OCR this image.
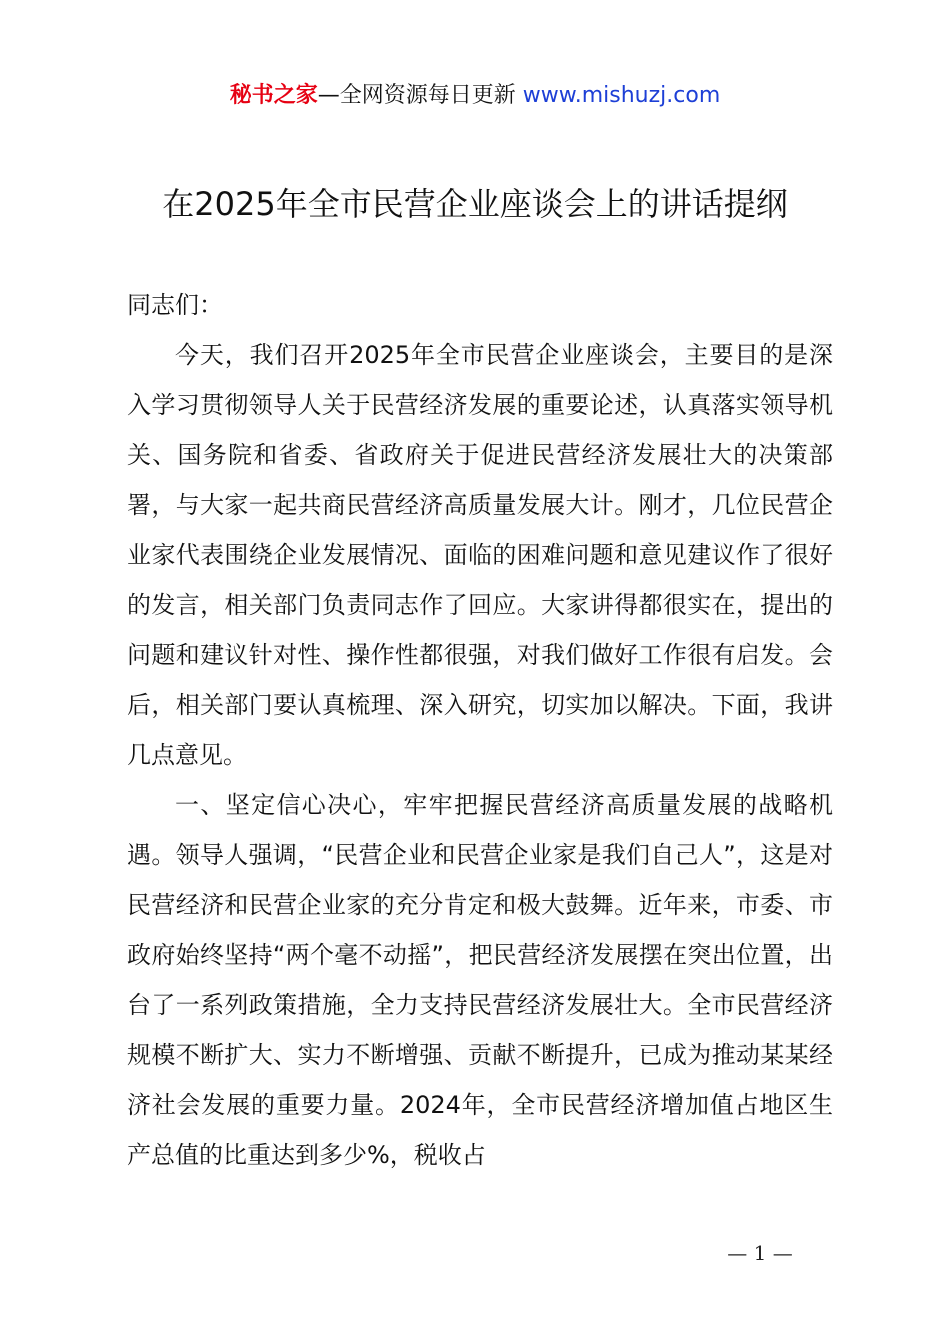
秘书之家—全网资源每日更新 www.mishuzj.com
在2025年全市民营企业座谈会上的讲话提纲

同志们：

今天，我们召开2025年全市民营企业座谈会，主要目的是深入学习贯彻领导人关于民营经济发展的重要论述，认真落实领导机关、国务院和省委、省政府关于促进民营经济发展壮大的决策部署，与大家一起共商民营经济高质量发展大计。刚才，几位民营企业家代表围绕企业发展情况、面临的困难问题和意见建议作了很好的发言，相关部门负责同志作了回应。大家讲得都很实在，提出的问题和建议针对性、操作性都很强，对我们做好工作很有启发。会后，相关部门要认真梳理、深入研究，切实加以解决。下面，我讲几点意见。

一、坚定信心决心，牢牢把握民营经济高质量发展的战略机遇。领导人强调，“民营企业和民营企业家是我们自己人”，这是对民营经济和民营企业家的充分肯定和极大鼓舞。近年来，市委、市政府始终坚持“两个毫不动摇”，把民营经济发展摆在突出位置，出台了一系列政策措施，全力支持民营经济发展壮大。全市民营经济规模不断扩大、实力不断增强、贡献不断提升，已成为推动某某经济社会发展的重要力量。2024年，全市民营经济增加值占地区生产总值的比重达到多少%，税收占

— 1 —
